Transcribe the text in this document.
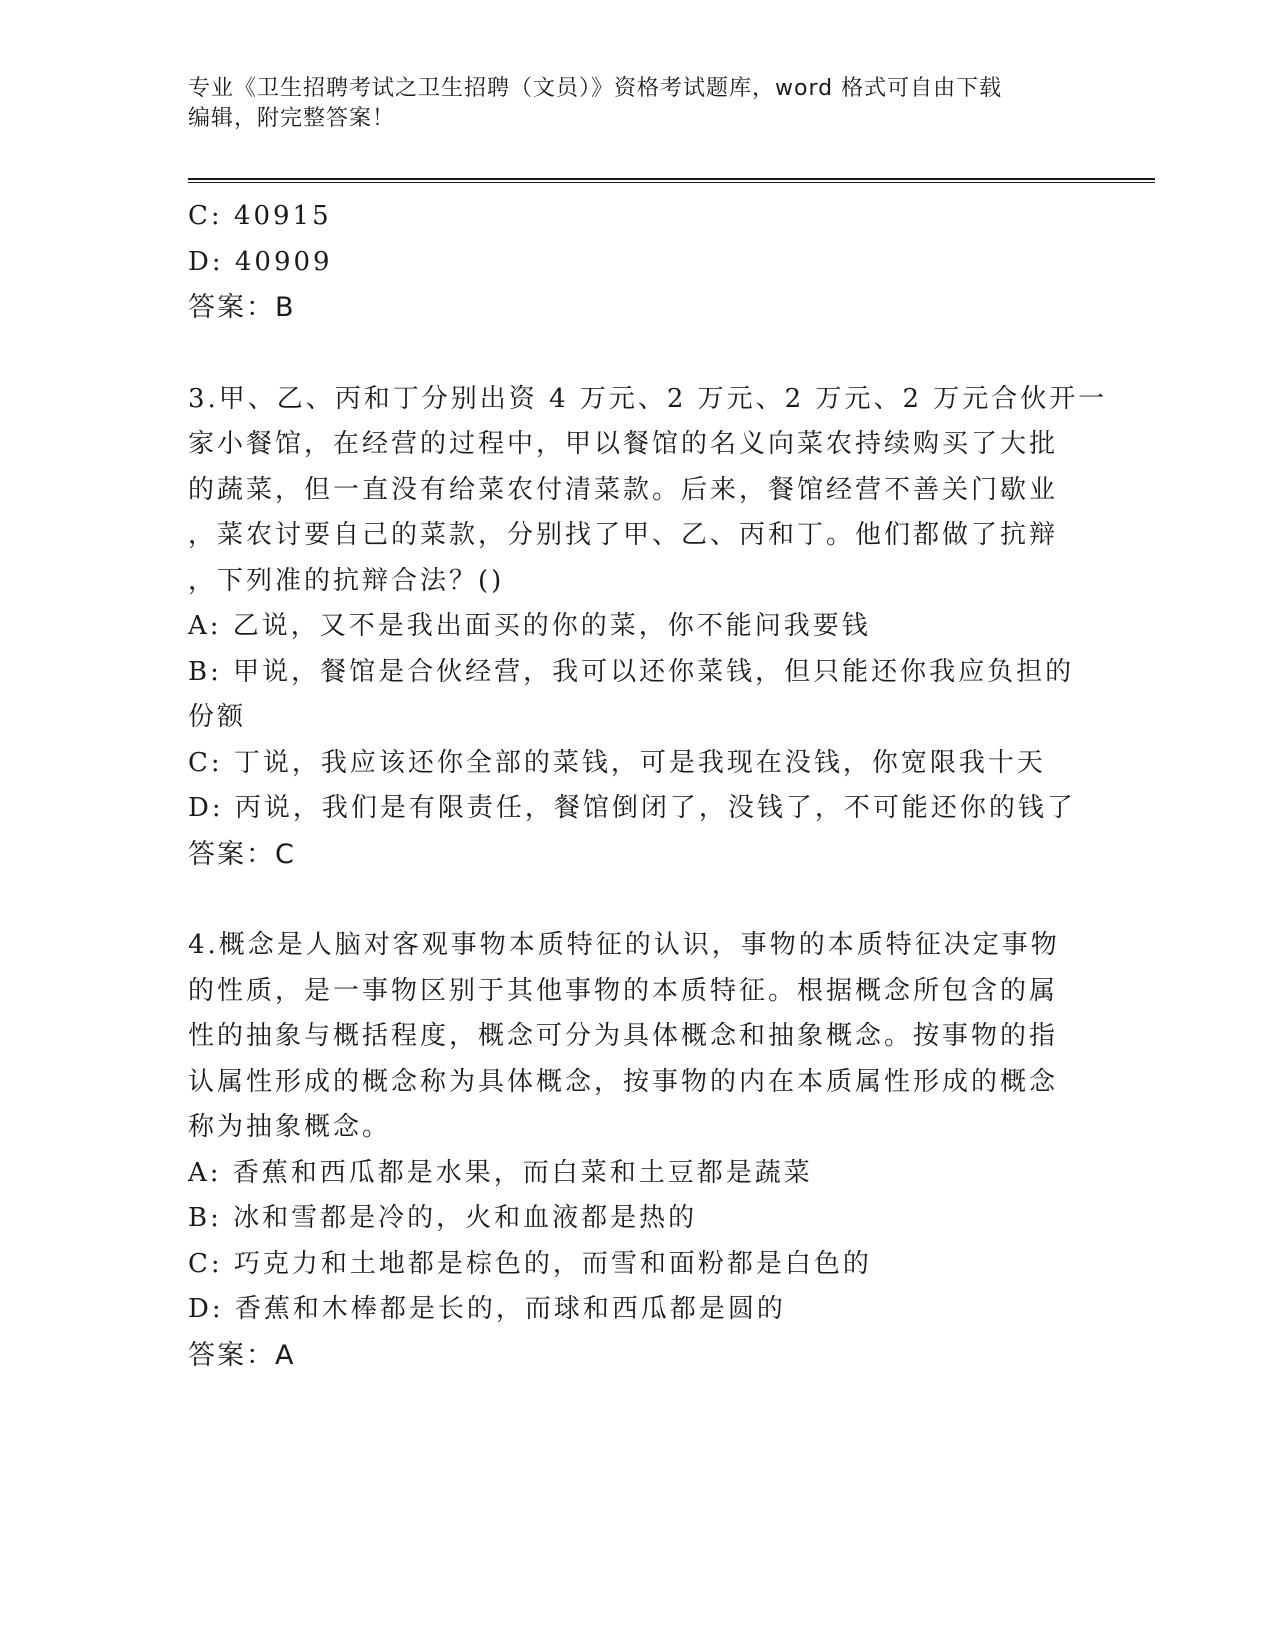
专业《卫生招聘考试之卫生招聘（文员）》资格考试题库，word 格式可自由下载
编辑，附完整答案！
C: 40915
D: 40909
答案：B
3.甲、乙、丙和丁分别出资 4 万元、2 万元、2 万元、2 万元合伙开一
家小餐馆，在经营的过程中，甲以餐馆的名义向菜农持续购买了大批
的蔬菜，但一直没有给菜农付清菜款。后来，餐馆经营不善关门歇业
，菜农讨要自己的菜款，分别找了甲、乙、丙和丁。他们都做了抗辩
，下列准的抗辩合法？()
A: 乙说，又不是我出面买的你的菜，你不能问我要钱
B: 甲说，餐馆是合伙经营，我可以还你菜钱，但只能还你我应负担的
份额
C: 丁说，我应该还你全部的菜钱，可是我现在没钱，你宽限我十天
D: 丙说，我们是有限责任，餐馆倒闭了，没钱了，不可能还你的钱了
答案：C
4.概念是人脑对客观事物本质特征的认识，事物的本质特征决定事物
的性质，是一事物区别于其他事物的本质特征。根据概念所包含的属
性的抽象与概括程度，概念可分为具体概念和抽象概念。按事物的指
认属性形成的概念称为具体概念，按事物的内在本质属性形成的概念
称为抽象概念。
A: 香蕉和西瓜都是水果，而白菜和土豆都是蔬菜
B: 冰和雪都是冷的，火和血液都是热的
C: 巧克力和土地都是棕色的，而雪和面粉都是白色的
D: 香蕉和木棒都是长的，而球和西瓜都是圆的
答案：A
